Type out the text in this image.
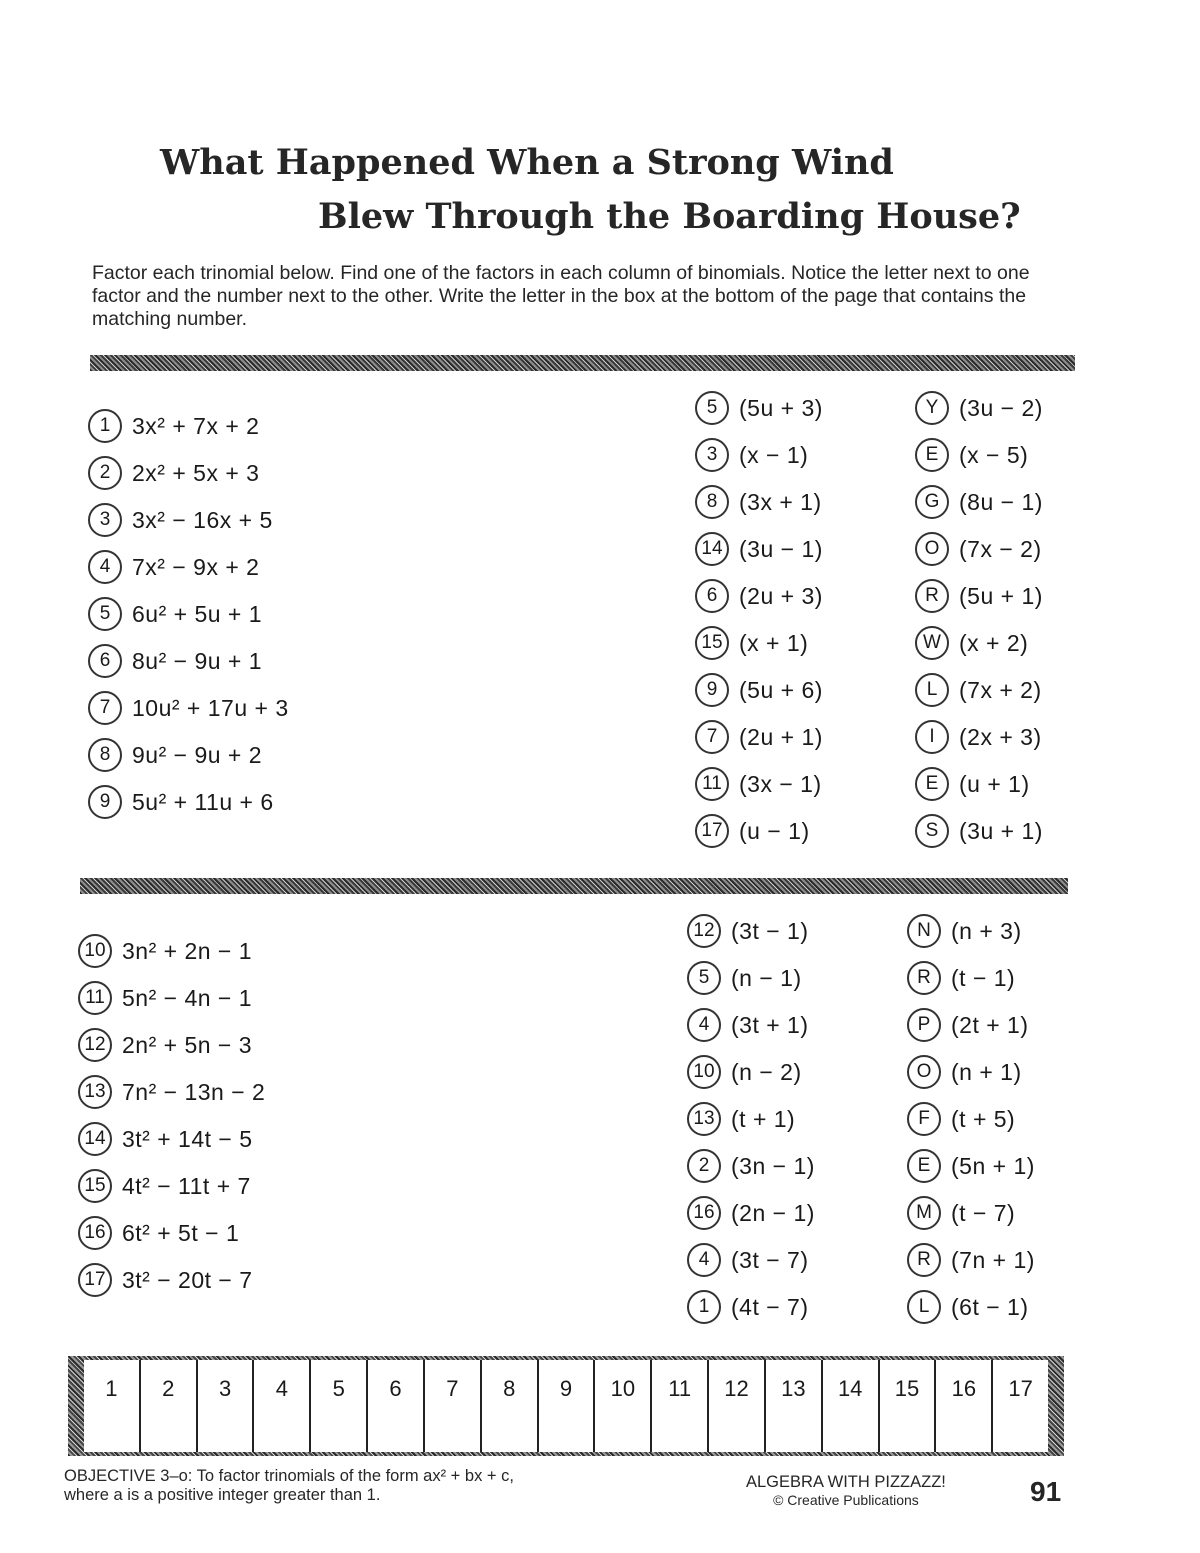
What Happened When a Strong Wind
Blew Through the Boarding House?
Factor each trinomial below. Find one of the factors in each column of binomials. Notice the letter next to one factor and the number next to the other. Write the letter in the box at the bottom of the page that contains the matching number.
1 3x² + 7x + 2
2 2x² + 5x + 3
3 3x² − 16x + 5
4 7x² − 9x + 2
5 6u² + 5u + 1
6 8u² − 9u + 1
7 10u² + 17u + 3
8 9u² − 9u + 2
9 5u² + 11u + 6
5 (5u + 3)
3 (x − 1)
8 (3x + 1)
14 (3u − 1)
6 (2u + 3)
15 (x + 1)
9 (5u + 6)
7 (2u + 1)
11 (3x − 1)
17 (u − 1)
Y (3u − 2)
E (x − 5)
G (8u − 1)
O (7x − 2)
R (5u + 1)
W (x + 2)
L (7x + 2)
I	(2x + 3)
E (u + 1)
S (3u + 1)
10 3n² + 2n − 1
11 5n² − 4n − 1
12 2n² + 5n − 3
13 7n² − 13n − 2
14 3t² + 14t − 5
15 4t² − 11t + 7
16 6t² + 5t − 1
17 3t² − 20t − 7
12 (3t − 1)
5 (n − 1)
4 (3t + 1)
10 (n − 2)
13 (t + 1)
2 (3n − 1)
16 (2n − 1)
4 (3t − 7)
1 (4t − 7)
N (n + 3)
R (t − 1)
P (2t + 1)
O (n + 1)
F (t + 5)
E (5n + 1)
M (t − 7)
R (7n + 1)
L (6t − 1)
1	2	3	4	5	6	7	8	9	10	11	12	13	14	15	16	17
OBJECTIVE 3–o: To factor trinomials of the form ax² + bx + c,
where a is a positive integer greater than 1.
ALGEBRA WITH PIZZAZZ!
© Creative Publications	91
